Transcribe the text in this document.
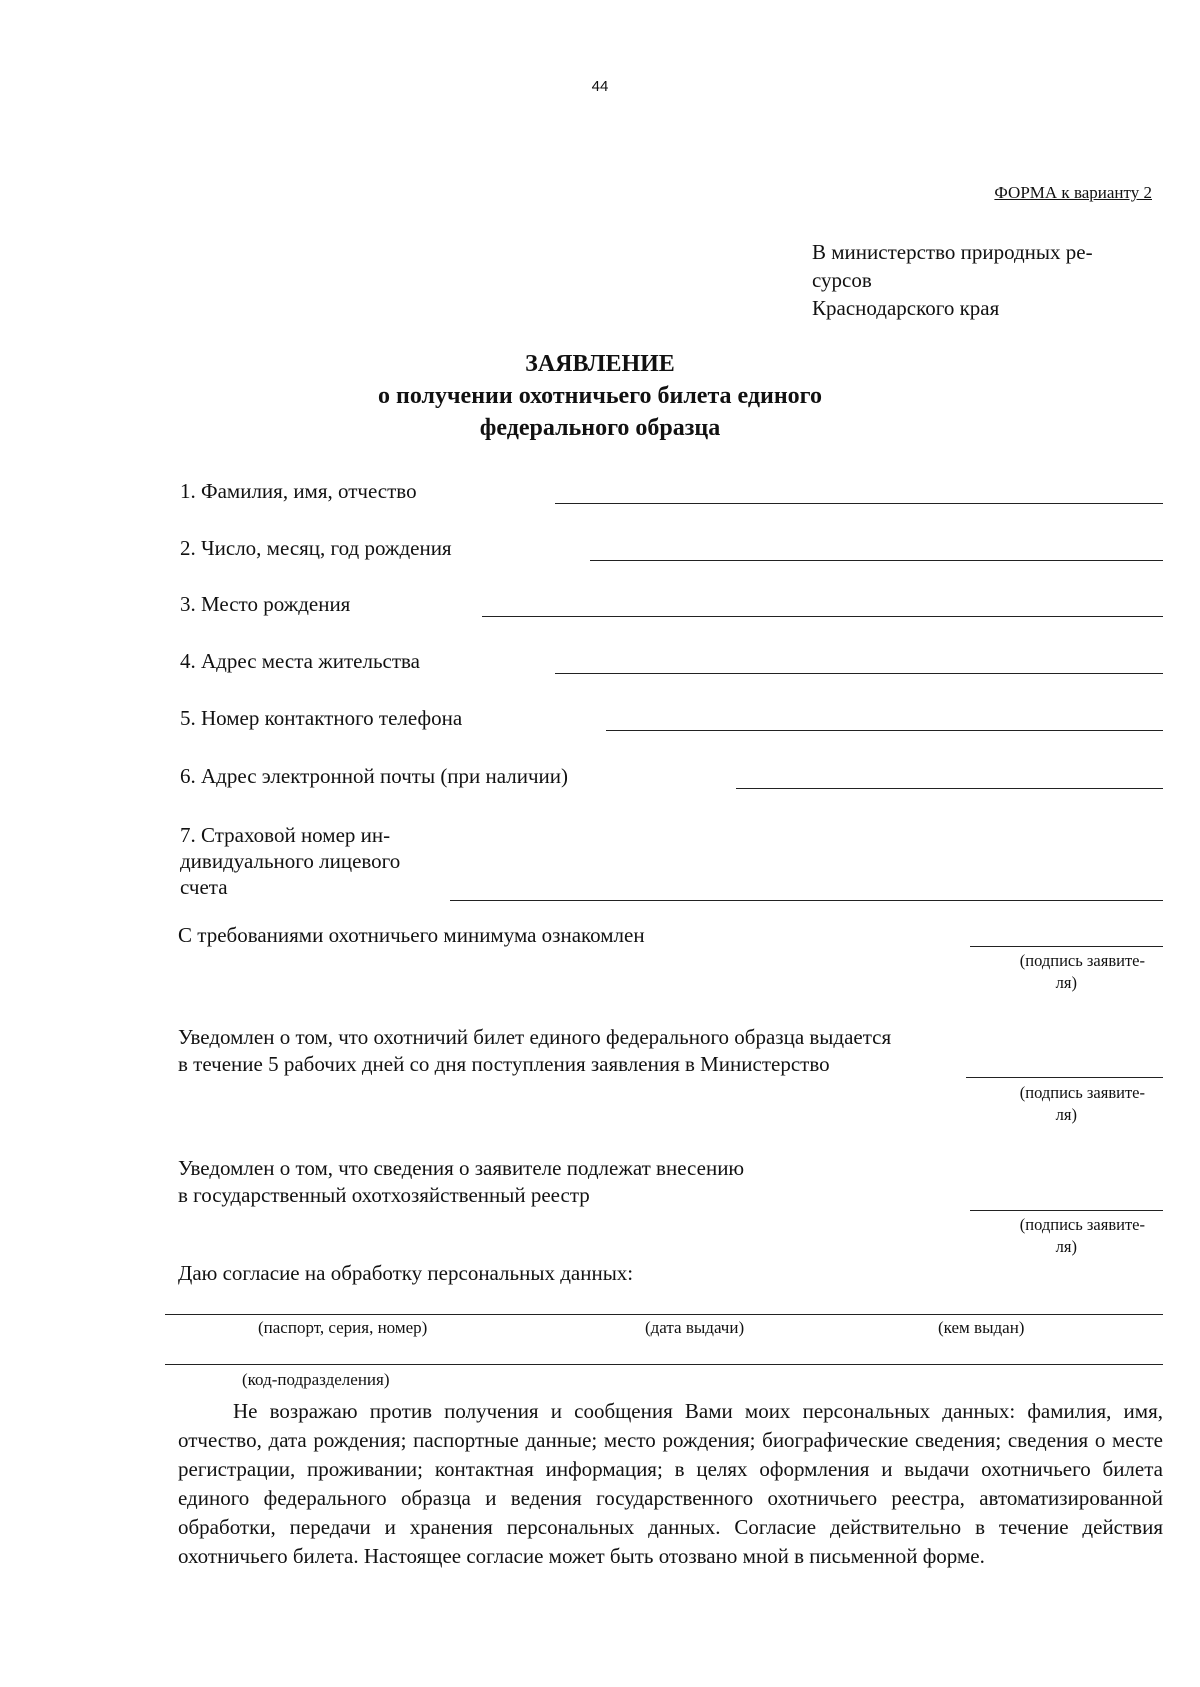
44
ФОРМА к варианту 2
В министерство природных ре-
сурсов
Краснодарского края
ЗАЯВЛЕНИЕ
о получении охотничьего билета единого
федерального образца
1. Фамилия, имя, отчество
2. Число, месяц, год рождения
3. Место рождения
4. Адрес места жительства
5. Номер контактного телефона
6. Адрес электронной почты (при наличии)
7. Страховой номер ин-
дивидуального лицевого
счета
С требованиями охотничьего минимума ознакомлен
(подпись заявите-
ля)
Уведомлен о том, что охотничий билет единого федерального образца выдается
в течение 5 рабочих дней со дня поступления заявления в Министерство
(подпись заявите-
ля)
Уведомлен о том, что сведения о заявителе подлежат внесению
в государственный охотхозяйственный реестр
(подпись заявите-
ля)
Даю согласие на обработку персональных данных:
(паспорт, серия, номер)	(дата выдачи)	(кем выдан)
(код-подразделения)
Не возражаю против получения и сообщения Вами моих персональных данных: фамилия, имя, отчество, дата рождения; паспортные данные; место рождения; биографические сведения; сведения о месте регистрации, проживании; контактная информация; в целях оформления и выдачи охотничьего билета единого федерального образца и ведения государственного охотничьего реестра, автоматизированной обработки, передачи и хранения персональных данных. Согласие действительно в течение действия охотничьего билета. Настоящее согласие может быть отозвано мной в письменной форме.
